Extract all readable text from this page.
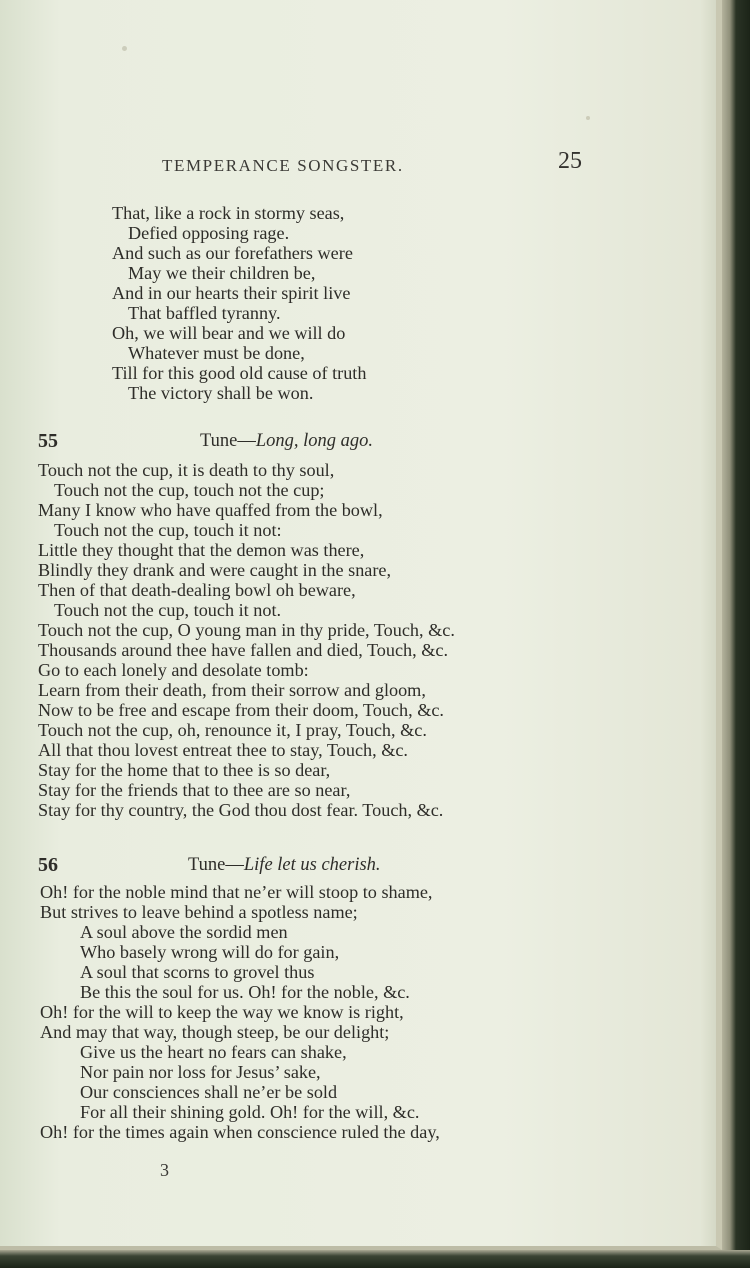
TEMPERANCE SONGSTER.	25
That, like a rock in stormy seas,
Defied opposing rage.
And such as our forefathers were
May we their children be,
And in our hearts their spirit live
That baffled tyranny.
Oh, we will bear and we will do
Whatever must be done,
Till for this good old cause of truth
The victory shall be won.
55	Tune—Long, long ago.
Touch not the cup, it is death to thy soul,
Touch not the cup, touch not the cup;
Many I know who have quaffed from the bowl,
Touch not the cup, touch it not:
Little they thought that the demon was there,
Blindly they drank and were caught in the snare,
Then of that death-dealing bowl oh beware,
Touch not the cup, touch it not.
Touch not the cup, O young man in thy pride, Touch, &c.
Thousands around thee have fallen and died, Touch, &c.
Go to each lonely and desolate tomb:
Learn from their death, from their sorrow and gloom,
Now to be free and escape from their doom, Touch, &c.
Touch not the cup, oh, renounce it, I pray, Touch, &c.
All that thou lovest entreat thee to stay, Touch, &c.
Stay for the home that to thee is so dear,
Stay for the friends that to thee are so near,
Stay for thy country, the God thou dost fear. Touch, &c.
56	Tune—Life let us cherish.
Oh! for the noble mind that ne’er will stoop to shame,
But strives to leave behind a spotless name;
A soul above the sordid men
Who basely wrong will do for gain,
A soul that scorns to grovel thus
Be this the soul for us. Oh! for the noble, &c.
Oh! for the will to keep the way we know is right,
And may that way, though steep, be our delight;
Give us the heart no fears can shake,
Nor pain nor loss for Jesus’ sake,
Our consciences shall ne’er be sold
For all their shining gold. Oh! for the will, &c.
Oh! for the times again when conscience ruled the day,
3
